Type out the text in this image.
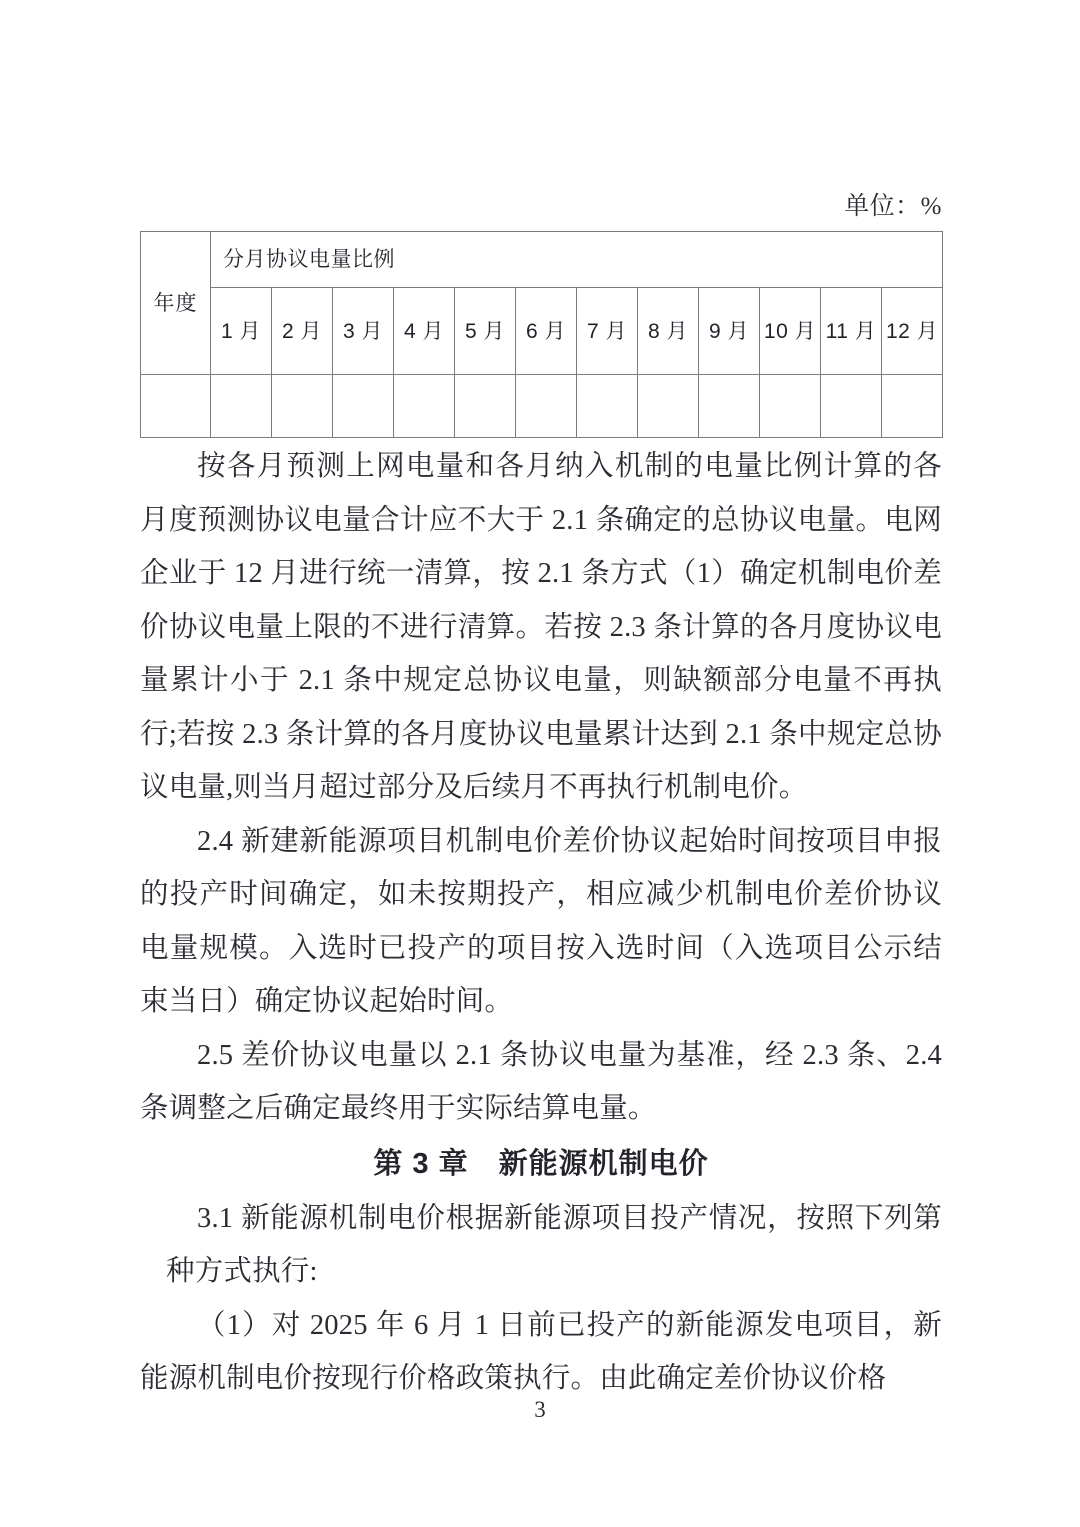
单位：%
年度	分月协议电量比例											
	1 月	2 月	3 月	4 月	5 月	6 月	7 月	8 月	9 月	10 月	11 月	12 月

按各月预测上网电量和各月纳入机制的电量比例计算的各月度预测协议电量合计应不大于 2.1 条确定的总协议电量。电网企业于 12 月进行统一清算，按 2.1 条方式（1）确定机制电价差价协议电量上限的不进行清算。若按 2.3 条计算的各月度协议电量累计小于 2.1 条中规定总协议电量，则缺额部分电量不再执行;若按 2.3 条计算的各月度协议电量累计达到 2.1 条中规定总协议电量,则当月超过部分及后续月不再执行机制电价。

2.4 新建新能源项目机制电价差价协议起始时间按项目申报的投产时间确定，如未按期投产，相应减少机制电价差价协议电量规模。入选时已投产的项目按入选时间（入选项目公示结束当日）确定协议起始时间。

2.5 差价协议电量以 2.1 条协议电量为基准，经 2.3 条、2.4 条调整之后确定最终用于实际结算电量。

第 3 章　新能源机制电价

3.1 新能源机制电价根据新能源项目投产情况，按照下列第种方式执行:

（1）对 2025 年 6 月 1 日前已投产的新能源发电项目，新能源机制电价按现行价格政策执行。由此确定差价协议价格

3
